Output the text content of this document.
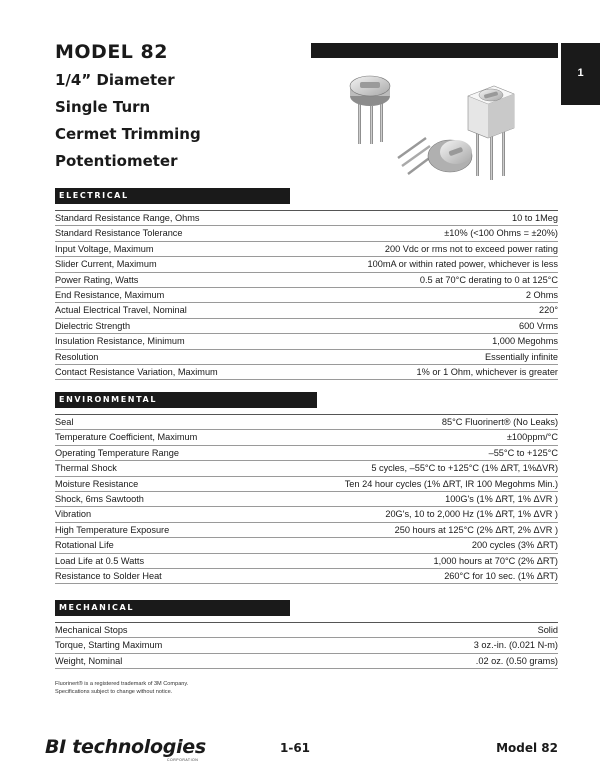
MODEL 82
1/4” Diameter
Single Turn
Cermet Trimming
Potentiometer
1
ELECTRICAL
Standard Resistance Range, Ohms	10 to 1Meg
Standard Resistance Tolerance	±10% (<100 Ohms = ±20%)
Input Voltage, Maximum	200 Vdc or rms not to exceed power rating
Slider Current, Maximum	100mA or within rated power, whichever is less
Power Rating, Watts	0.5 at 70°C derating to 0 at 125°C
End Resistance, Maximum	2 Ohms
Actual Electrical Travel, Nominal	220°
Dielectric Strength	600 Vrms
Insulation Resistance, Minimum	1,000 Megohms
Resolution	Essentially infinite
Contact Resistance Variation, Maximum	1% or 1 Ohm, whichever is greater
ENVIRONMENTAL
Seal	85°C Fluorinert® (No Leaks)
Temperature Coefficient, Maximum	±100ppm/°C
Operating Temperature Range	–55°C to +125°C
Thermal Shock	5 cycles, –55°C to +125°C (1% ΔRT, 1%ΔVR)
Moisture Resistance	Ten 24 hour cycles (1% ΔRT, IR 100 Megohms Min.)
Shock, 6ms Sawtooth	100G's (1% ΔRT, 1% ΔVR )
Vibration	20G's, 10 to 2,000 Hz (1% ΔRT, 1% ΔVR )
High Temperature Exposure	250 hours at 125°C (2% ΔRT, 2% ΔVR )
Rotational Life	200 cycles (3% ΔRT)
Load Life at 0.5 Watts	1,000 hours at 70°C (2% ΔRT)
Resistance to Solder Heat	260°C for 10 sec. (1% ΔRT)
MECHANICAL
Mechanical Stops	Solid
Torque, Starting Maximum	3 oz.-in. (0.021 N-m)
Weight, Nominal	.02 oz. (0.50 grams)
Fluorinert® is a registered trademark of 3M Company.
Specifications subject to change without notice.
BI technologies
CORPORATION
1-61	Model 82
